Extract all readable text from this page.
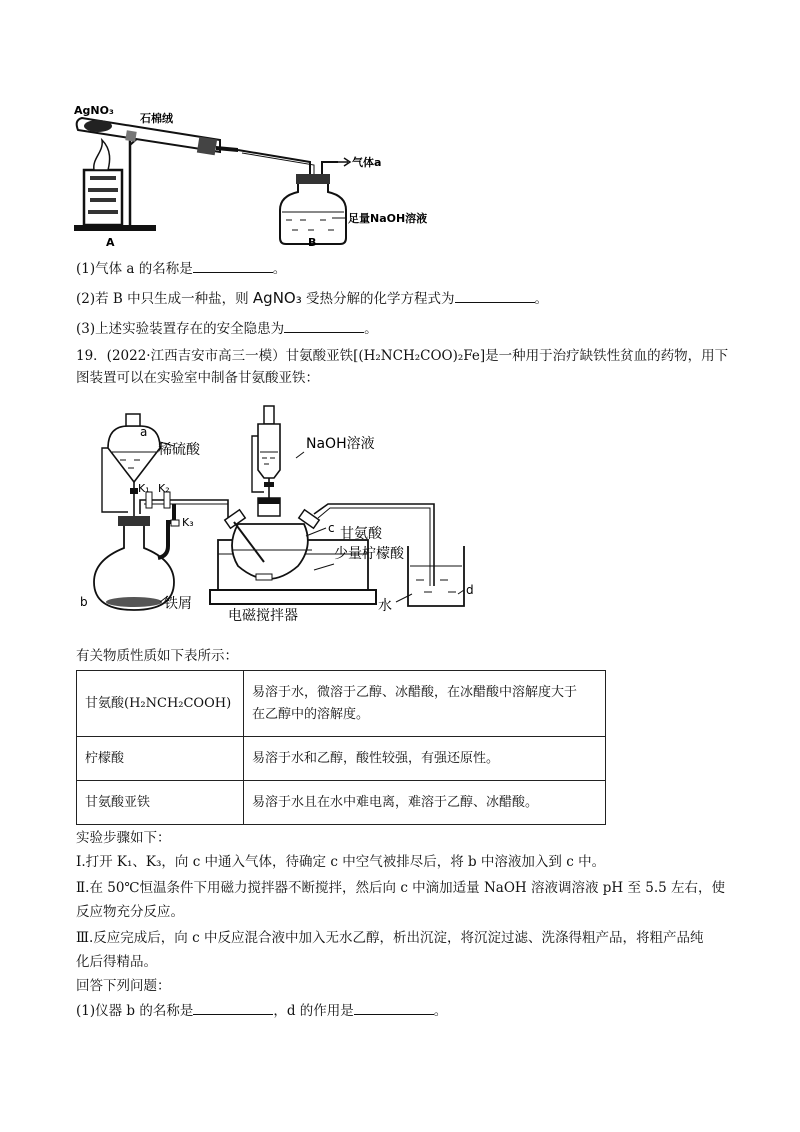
AgNO₃
石棉绒
气体a
足量NaOH溶液
A	B
(1)气体 a 的名称是	。
(2)若 B 中只生成一种盐，则 AgNO₃ 受热分解的化学方程式为	。
(3)上述实验装置存在的安全隐患为	。
19．(2022·江西吉安市高三一模）甘氨酸亚铁[(H₂NCH₂COO)₂Fe]是一种用于治疗缺铁性贫血的药物，用下
图装置可以在实验室中制备甘氨酸亚铁：
a
稀硫酸	NaOH溶液
K₁ K₂
K₃	c 甘氨酸
少量柠檬酸
b	铁屑
电磁搅拌器
水
d
有关物质性质如下表所示：
甘氨酸(H₂NCH₂COOH)	易溶于水，微溶于乙醇、冰醋酸，在冰醋酸中溶解度大于
在乙醇中的溶解度。
柠檬酸	易溶于水和乙醇，酸性较强，有强还原性。
甘氨酸亚铁	易溶于水且在水中难电离，难溶于乙醇、冰醋酸。
实验步骤如下：
Ⅰ.打开 K₁、K₃，向 c 中通入气体，待确定 c 中空气被排尽后，将 b 中溶液加入到 c 中。
Ⅱ.在 50℃恒温条件下用磁力搅拌器不断搅拌，然后向 c 中滴加适量 NaOH 溶液调溶液 pH 至 5.5 左右，使
反应物充分反应。
Ⅲ.反应完成后，向 c 中反应混合液中加入无水乙醇，析出沉淀，将沉淀过滤、洗涤得粗产品，将粗产品纯
化后得精品。
回答下列问题：
(1)仪器 b 的名称是	，d 的作用是	。
